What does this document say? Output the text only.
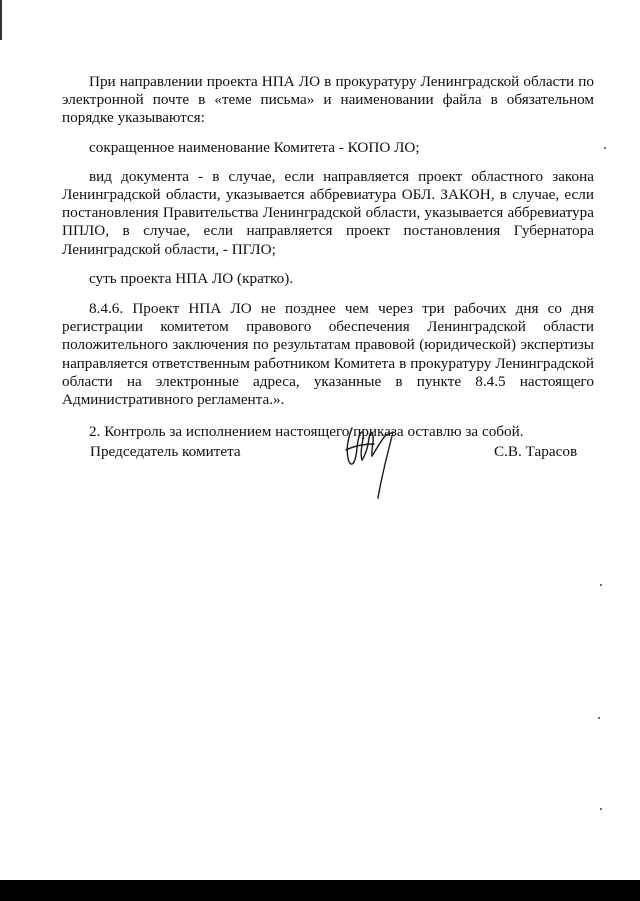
При направлении проекта НПА ЛО в прокуратуру Ленинградской области по электронной почте в «теме письма» и наименовании файла в обязательном порядке указываются:

сокращенное наименование Комитета - КОПО ЛО;

вид документа - в случае, если направляется проект областного закона Ленинградской области, указывается аббревиатура ОБЛ. ЗАКОН, в случае, если постановления Правительства Ленинградской области, указывается аббревиатура ППЛО, в случае, если направляется проект постановления Губернатора Ленинградской области, - ПГЛО;

суть проекта НПА ЛО (кратко).

8.4.6. Проект НПА ЛО не позднее чем через три рабочих дня со дня регистрации комитетом правового обеспечения Ленинградской области положительного заключения по результатам правовой (юридической) экспертизы направляется ответственным работником Комитета в прокуратуру Ленинградской области на электронные адреса, указанные в пункте 8.4.5 настоящего Административного регламента.».

2. Контроль за исполнением настоящего приказа оставлю за собой.

Председатель комитета	С.В. Тарасов
